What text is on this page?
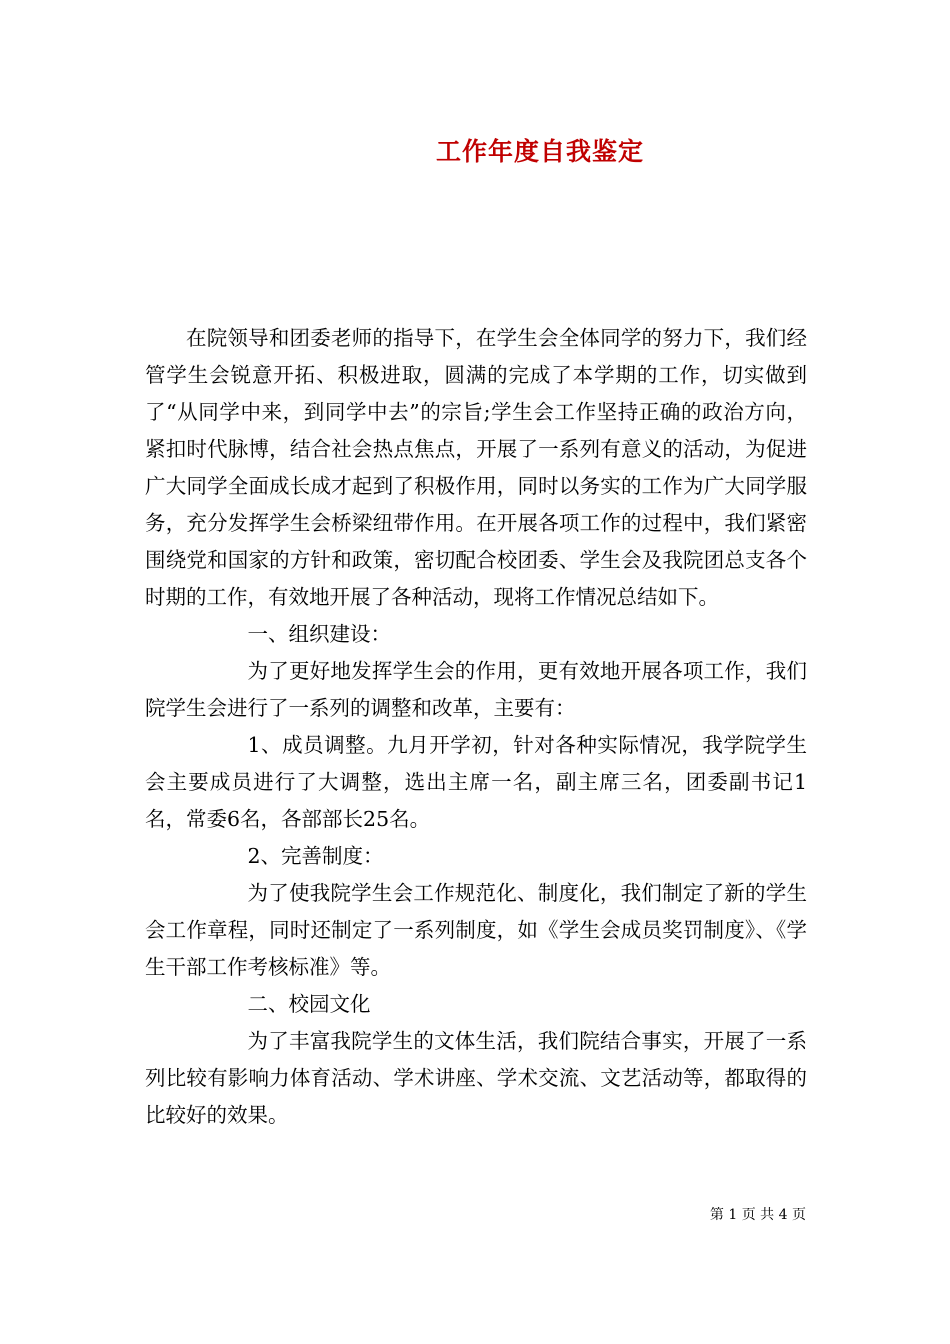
工作年度自我鉴定

在院领导和团委老师的指导下，在学生会全体同学的努力下，我们经管学生会锐意开拓、积极进取，圆满的完成了本学期的工作，切实做到了“从同学中来，到同学中去”的宗旨;学生会工作坚持正确的政治方向，紧扣时代脉博，结合社会热点焦点，开展了一系列有意义的活动，为促进广大同学全面成长成才起到了积极作用，同时以务实的工作为广大同学服务，充分发挥学生会桥梁纽带作用。在开展各项工作的过程中，我们紧密围绕党和国家的方针和政策，密切配合校团委、学生会及我院团总支各个时期的工作，有效地开展了各种活动，现将工作情况总结如下。

一、组织建设：

为了更好地发挥学生会的作用，更有效地开展各项工作，我们院学生会进行了一系列的调整和改革，主要有：

1、成员调整。九月开学初，针对各种实际情况，我学院学生会主要成员进行了大调整，选出主席一名，副主席三名，团委副书记1名，常委6名，各部部长25名。

2、完善制度：

为了使我院学生会工作规范化、制度化，我们制定了新的学生会工作章程，同时还制定了一系列制度，如《学生会成员奖罚制度》、《学生干部工作考核标准》等。

二、校园文化

为了丰富我院学生的文体生活，我们院结合事实，开展了一系列比较有影响力体育活动、学术讲座、学术交流、文艺活动等，都取得的比较好的效果。

第 1 页 共 4 页
